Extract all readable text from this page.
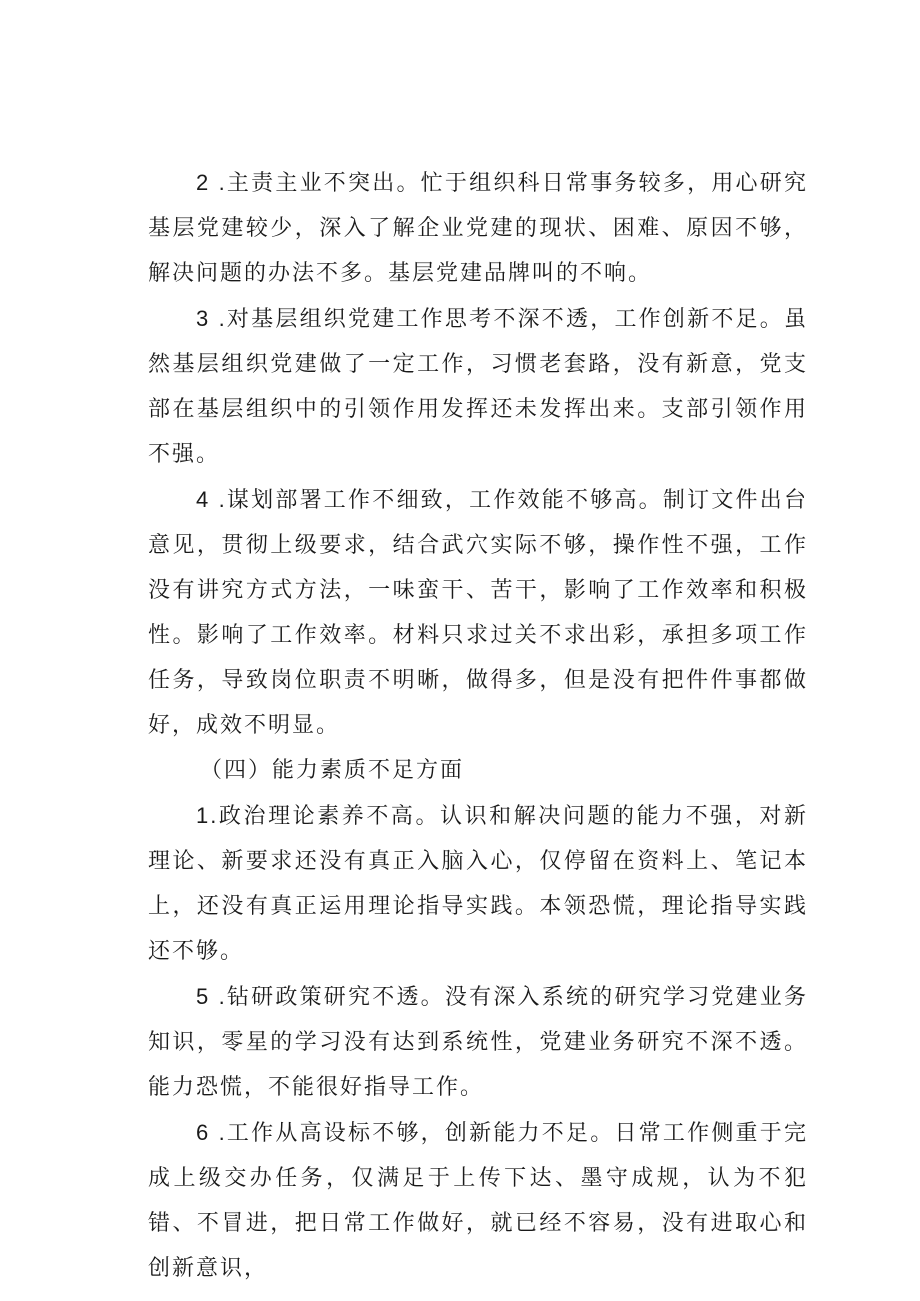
2 .主责主业不突出。忙于组织科日常事务较多，用心研究基层党建较少，深入了解企业党建的现状、困难、原因不够，解决问题的办法不多。基层党建品牌叫的不响。

3 .对基层组织党建工作思考不深不透，工作创新不足。虽然基层组织党建做了一定工作，习惯老套路，没有新意，党支部在基层组织中的引领作用发挥还未发挥出来。支部引领作用不强。

4 .谋划部署工作不细致，工作效能不够高。制订文件出台意见，贯彻上级要求，结合武穴实际不够，操作性不强，工作没有讲究方式方法，一味蛮干、苦干，影响了工作效率和积极性。影响了工作效率。材料只求过关不求出彩，承担多项工作任务，导致岗位职责不明晰，做得多，但是没有把件件事都做好，成效不明显。

（四）能力素质不足方面

1.政治理论素养不高。认识和解决问题的能力不强，对新理论、新要求还没有真正入脑入心，仅停留在资料上、笔记本上，还没有真正运用理论指导实践。本领恐慌，理论指导实践还不够。

5 .钻研政策研究不透。没有深入系统的研究学习党建业务知识，零星的学习没有达到系统性，党建业务研究不深不透。能力恐慌，不能很好指导工作。

6 .工作从高设标不够，创新能力不足。日常工作侧重于完成上级交办任务，仅满足于上传下达、墨守成规，认为不犯错、不冒进，把日常工作做好，就已经不容易，没有进取心和创新意识，
